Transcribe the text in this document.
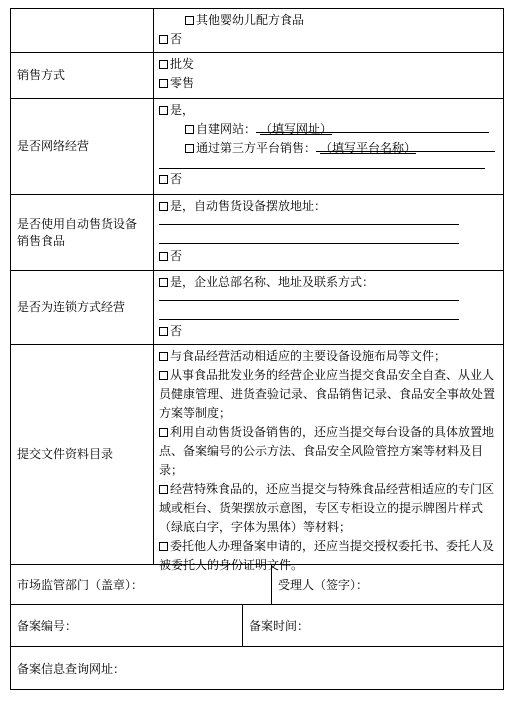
其他婴幼儿配方食品
否
销售方式
批发
零售
是否网络经营
是，
自建网站： （填写网址）
通过第三方平台销售： （填写平台名称）
否
是否使用自动售货设备销售食品
是，自动售货设备摆放地址：
否
是否为连锁方式经营
是，企业总部名称、地址及联系方式：
否
提交文件资料目录
与食品经营活动相适应的主要设备设施布局等文件；
从事食品批发业务的经营企业应当提交食品安全自查、从业人员健康管理、进货查验记录、食品销售记录、食品安全事故处置方案等制度；
利用自动售货设备销售的，还应当提交每台设备的具体放置地点、备案编号的公示方法、食品安全风险管控方案等材料及目录；
经营特殊食品的，还应当提交与特殊食品经营相适应的专门区域或柜台、货架摆放示意图，专区专柜设立的提示牌图片样式（绿底白字，字体为黑体）等材料；
委托他人办理备案申请的，还应当提交授权委托书、委托人及被委托人的身份证明文件。
市场监管部门（盖章）：	受理人（签字）：
备案编号：	备案时间：
备案信息查询网址：
